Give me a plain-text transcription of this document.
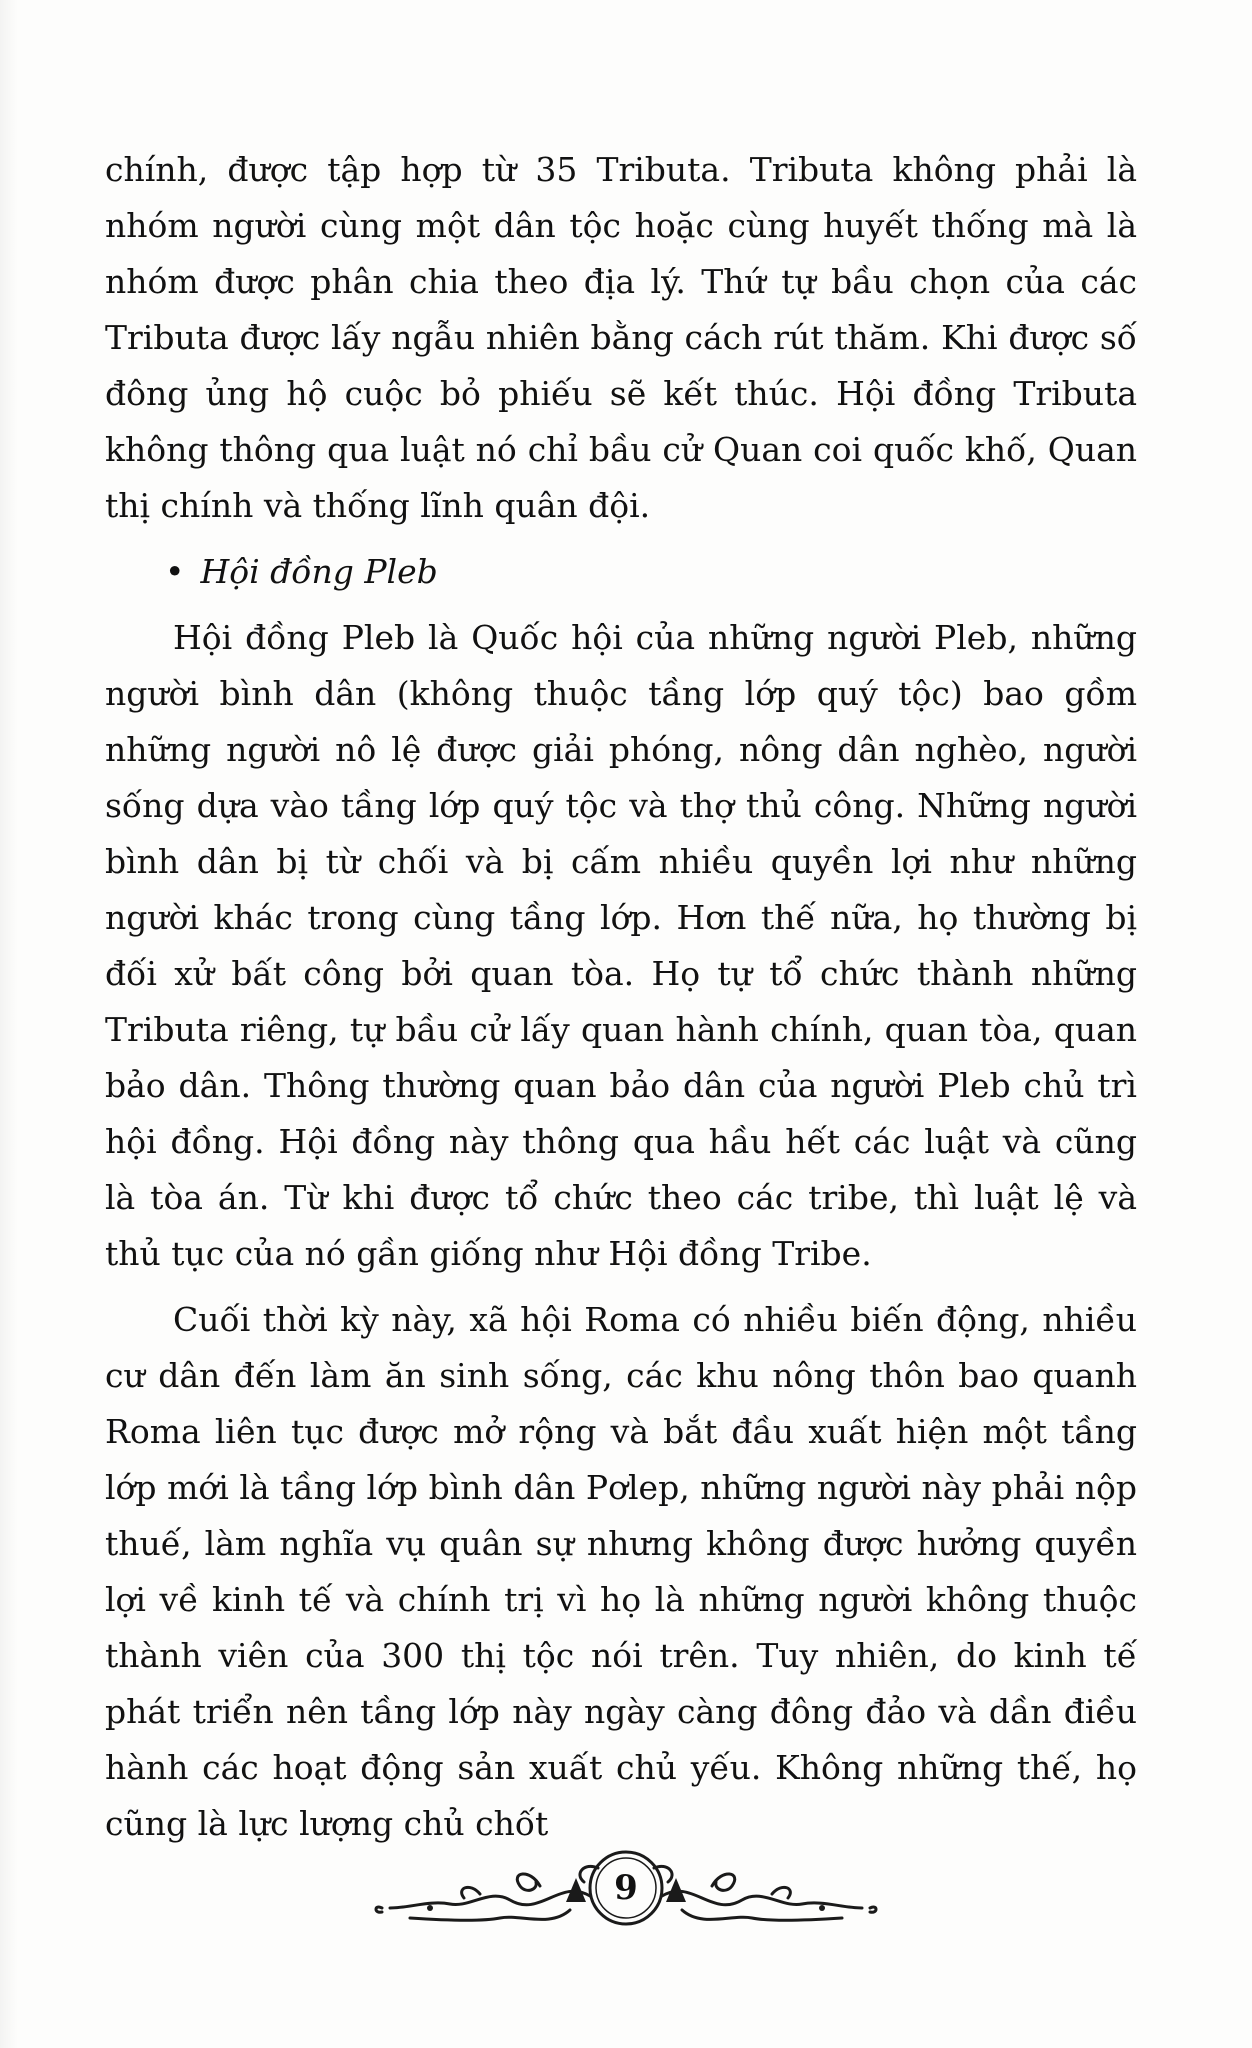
chính, được tập hợp từ 35 Tributa. Tributa không phải là nhóm người cùng một dân tộc hoặc cùng huyết thống mà là nhóm được phân chia theo địa lý. Thứ tự bầu chọn của các Tributa được lấy ngẫu nhiên bằng cách rút thăm. Khi được số đông ủng hộ cuộc bỏ phiếu sẽ kết thúc. Hội đồng Tributa không thông qua luật nó chỉ bầu cử Quan coi quốc khố, Quan thị chính và thống lĩnh quân đội.

• Hội đồng Pleb

Hội đồng Pleb là Quốc hội của những người Pleb, những người bình dân (không thuộc tầng lớp quý tộc) bao gồm những người nô lệ được giải phóng, nông dân nghèo, người sống dựa vào tầng lớp quý tộc và thợ thủ công. Những người bình dân bị từ chối và bị cấm nhiều quyền lợi như những người khác trong cùng tầng lớp. Hơn thế nữa, họ thường bị đối xử bất công bởi quan tòa. Họ tự tổ chức thành những Tributa riêng, tự bầu cử lấy quan hành chính, quan tòa, quan bảo dân. Thông thường quan bảo dân của người Pleb chủ trì hội đồng. Hội đồng này thông qua hầu hết các luật và cũng là tòa án. Từ khi được tổ chức theo các tribe, thì luật lệ và thủ tục của nó gần giống như Hội đồng Tribe.

Cuối thời kỳ này, xã hội Roma có nhiều biến động, nhiều cư dân đến làm ăn sinh sống, các khu nông thôn bao quanh Roma liên tục được mở rộng và bắt đầu xuất hiện một tầng lớp mới là tầng lớp bình dân Pơlep, những người này phải nộp thuế, làm nghĩa vụ quân sự nhưng không được hưởng quyền lợi về kinh tế và chính trị vì họ là những người không thuộc thành viên của 300 thị tộc nói trên. Tuy nhiên, do kinh tế phát triển nên tầng lớp này ngày càng đông đảo và dần điều hành các hoạt động sản xuất chủ yếu. Không những thế, họ cũng là lực lượng chủ chốt

9
